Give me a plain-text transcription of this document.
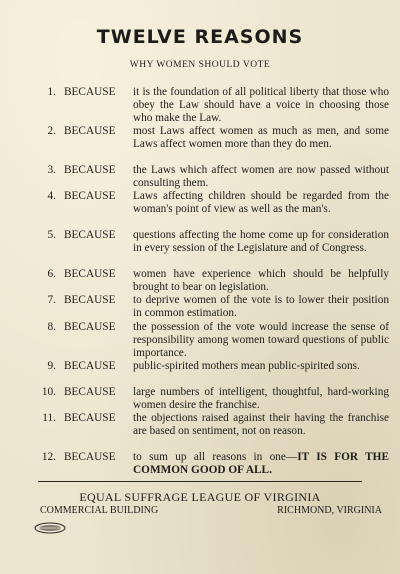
TWELVE REASONS
WHY WOMEN SHOULD VOTE
1. BECAUSE it is the foundation of all political liberty that those who obey the Law should have a voice in choosing those who make the Law.
2. BECAUSE most Laws affect women as much as men, and some Laws affect women more than they do men.
3. BECAUSE the Laws which affect women are now passed without consulting them.
4. BECAUSE Laws affecting children should be regarded from the woman's point of view as well as the man's.
5. BECAUSE questions affecting the home come up for consideration in every session of the Legislature and of Congress.
6. BECAUSE women have experience which should be helpfully brought to bear on legislation.
7. BECAUSE to deprive women of the vote is to lower their position in common estimation.
8. BECAUSE the possession of the vote would increase the sense of responsibility among women toward questions of public importance.
9. BECAUSE public-spirited mothers mean public-spirited sons.
10. BECAUSE large numbers of intelligent, thoughtful, hard-working women desire the franchise.
11. BECAUSE the objections raised against their having the franchise are based on sentiment, not on reason.
12. BECAUSE to sum up all reasons in one—IT IS FOR THE COMMON GOOD OF ALL.
EQUAL SUFFRAGE LEAGUE OF VIRGINIA
COMMERCIAL BUILDING	RICHMOND, VIRGINIA
